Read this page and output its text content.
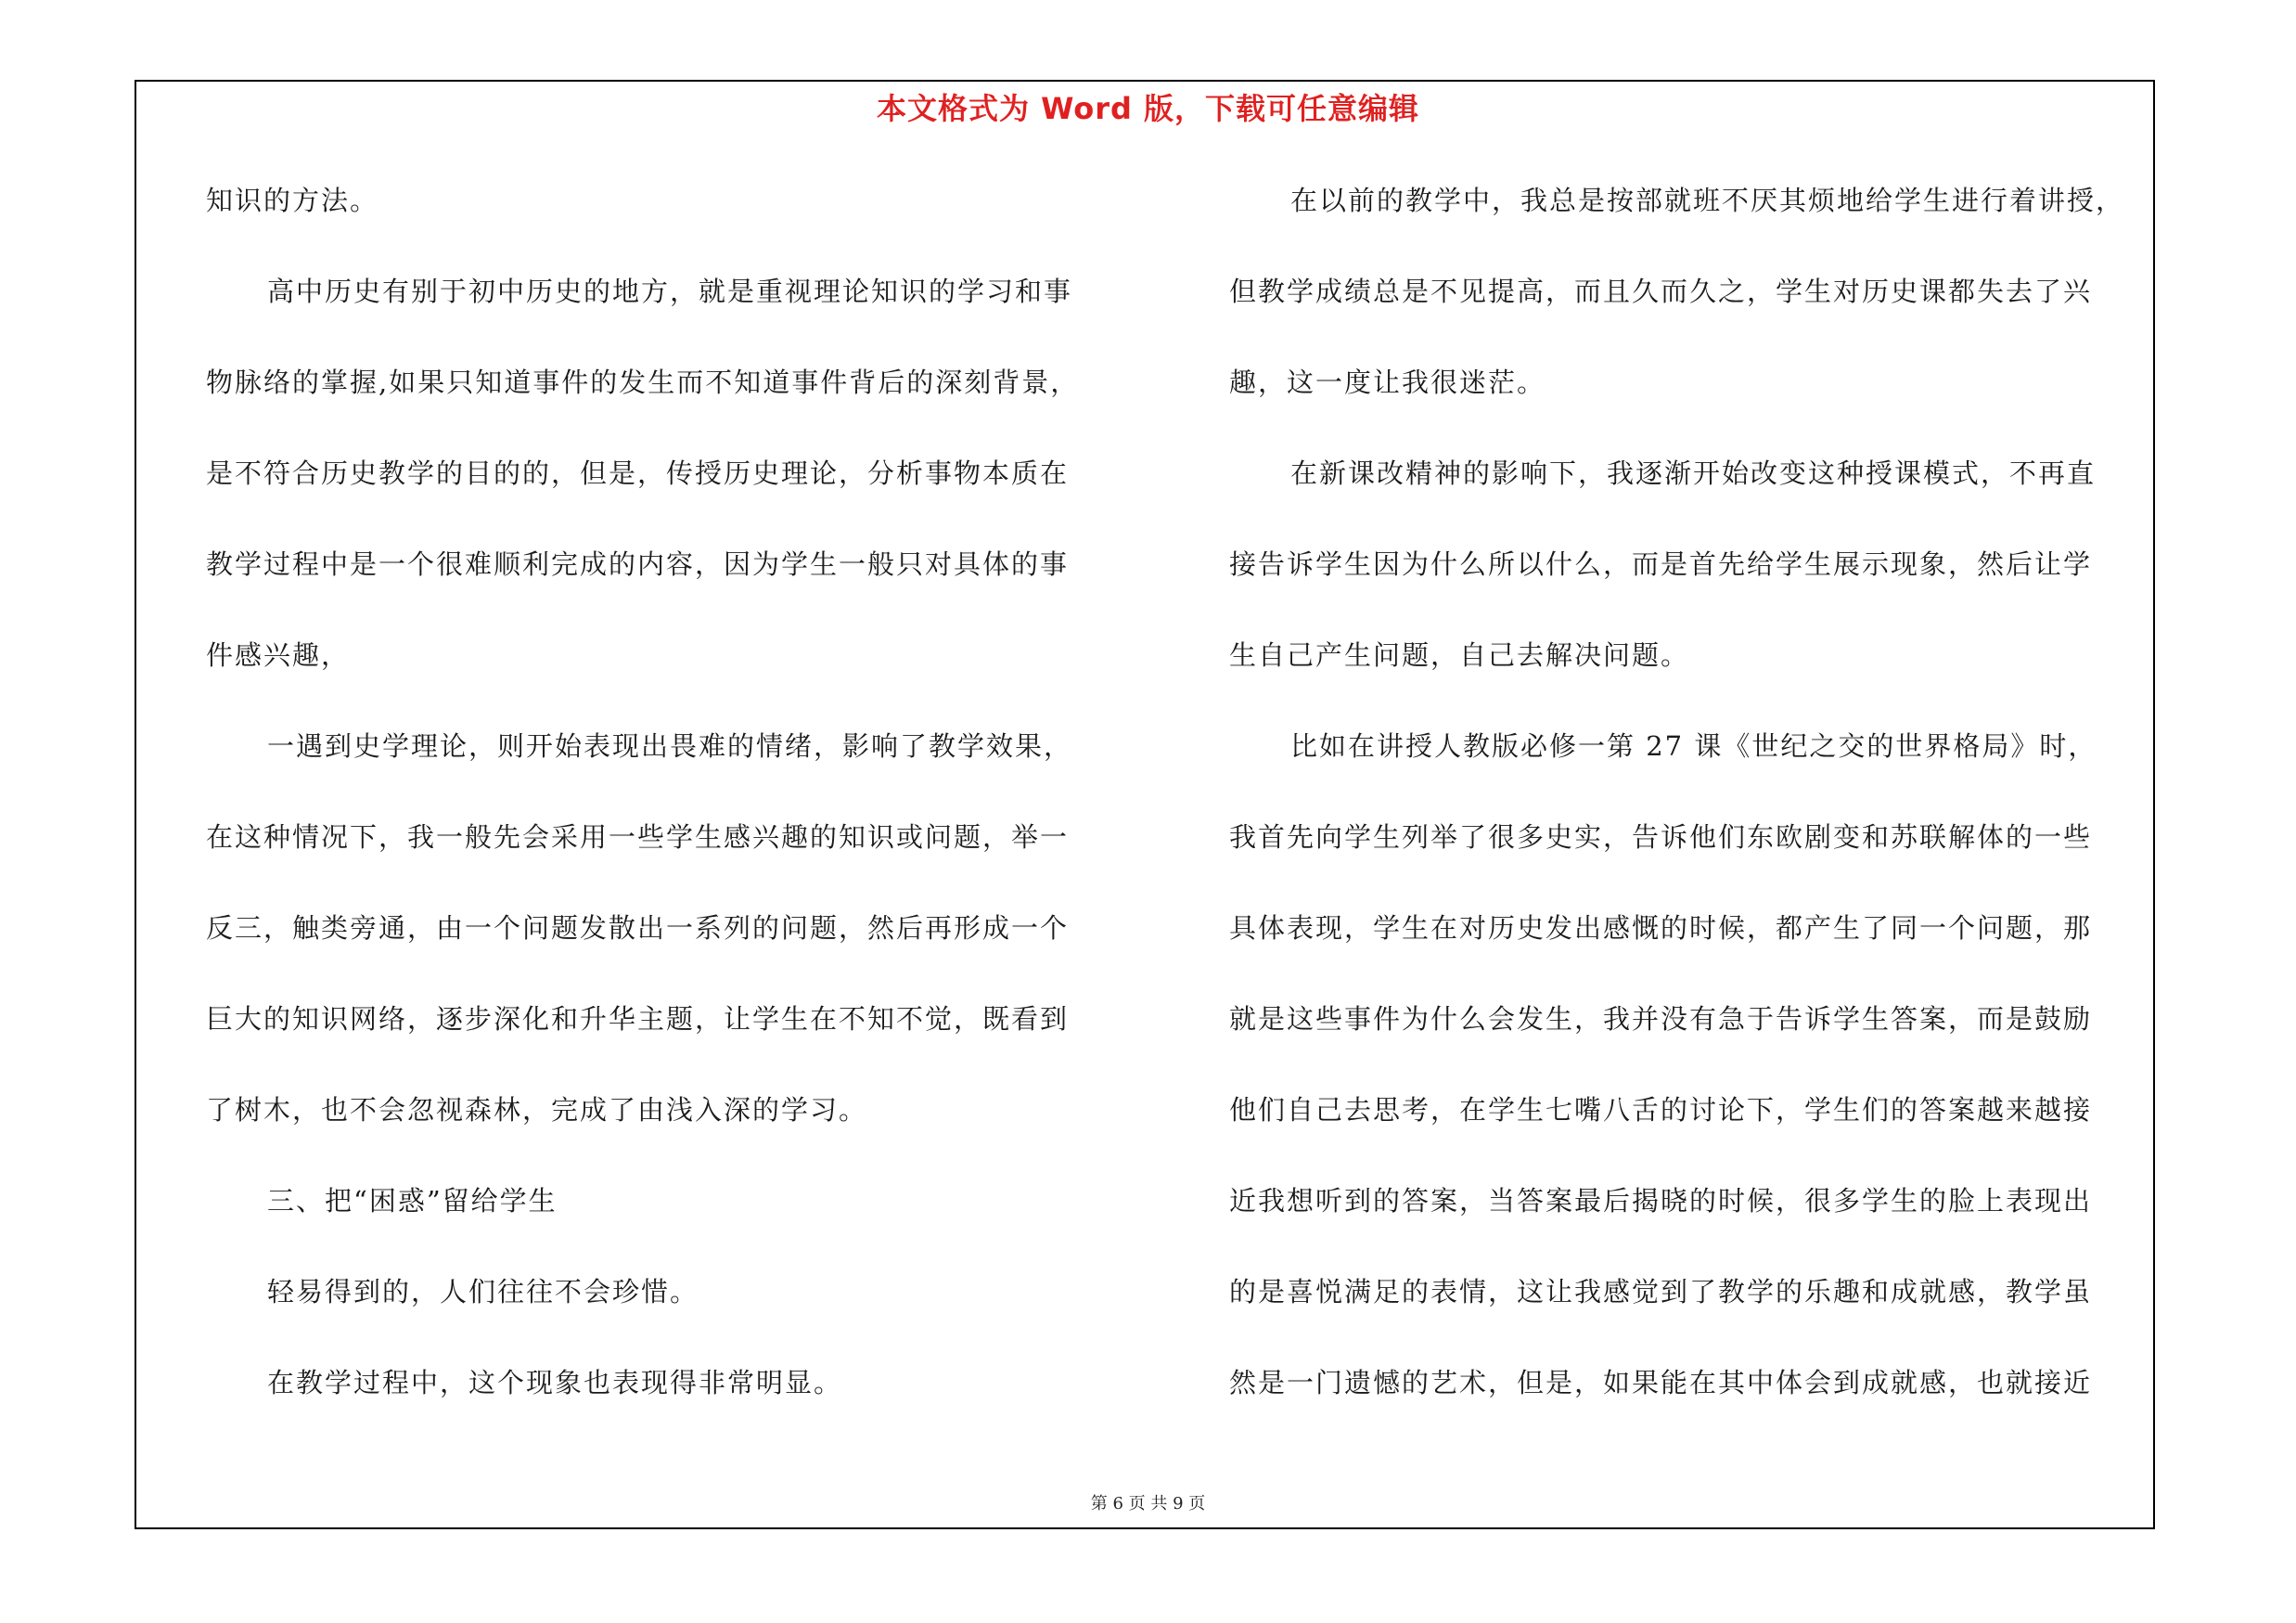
本文格式为 Word 版，下载可任意编辑
知识的方法。
高中历史有别于初中历史的地方，就是重视理论知识的学习和事
物脉络的掌握,如果只知道事件的发生而不知道事件背后的深刻背景，
是不符合历史教学的目的的，但是，传授历史理论，分析事物本质在
教学过程中是一个很难顺利完成的内容，因为学生一般只对具体的事
件感兴趣，
一遇到史学理论，则开始表现出畏难的情绪，影响了教学效果，
在这种情况下，我一般先会采用一些学生感兴趣的知识或问题，举一
反三，触类旁通，由一个问题发散出一系列的问题，然后再形成一个
巨大的知识网络，逐步深化和升华主题，让学生在不知不觉，既看到
了树木，也不会忽视森林，完成了由浅入深的学习。
三、把“困惑”留给学生
轻易得到的，人们往往不会珍惜。
在教学过程中，这个现象也表现得非常明显。
在以前的教学中，我总是按部就班不厌其烦地给学生进行着讲授，
但教学成绩总是不见提高，而且久而久之，学生对历史课都失去了兴
趣，这一度让我很迷茫。
在新课改精神的影响下，我逐渐开始改变这种授课模式，不再直
接告诉学生因为什么所以什么，而是首先给学生展示现象，然后让学
生自己产生问题，自己去解决问题。
比如在讲授人教版必修一第 27 课《世纪之交的世界格局》时，
我首先向学生列举了很多史实，告诉他们东欧剧变和苏联解体的一些
具体表现，学生在对历史发出感慨的时候，都产生了同一个问题，那
就是这些事件为什么会发生，我并没有急于告诉学生答案，而是鼓励
他们自己去思考，在学生七嘴八舌的讨论下，学生们的答案越来越接
近我想听到的答案，当答案最后揭晓的时候，很多学生的脸上表现出
的是喜悦满足的表情，这让我感觉到了教学的乐趣和成就感，教学虽
然是一门遗憾的艺术，但是，如果能在其中体会到成就感，也就接近
第 6 页 共 9 页
